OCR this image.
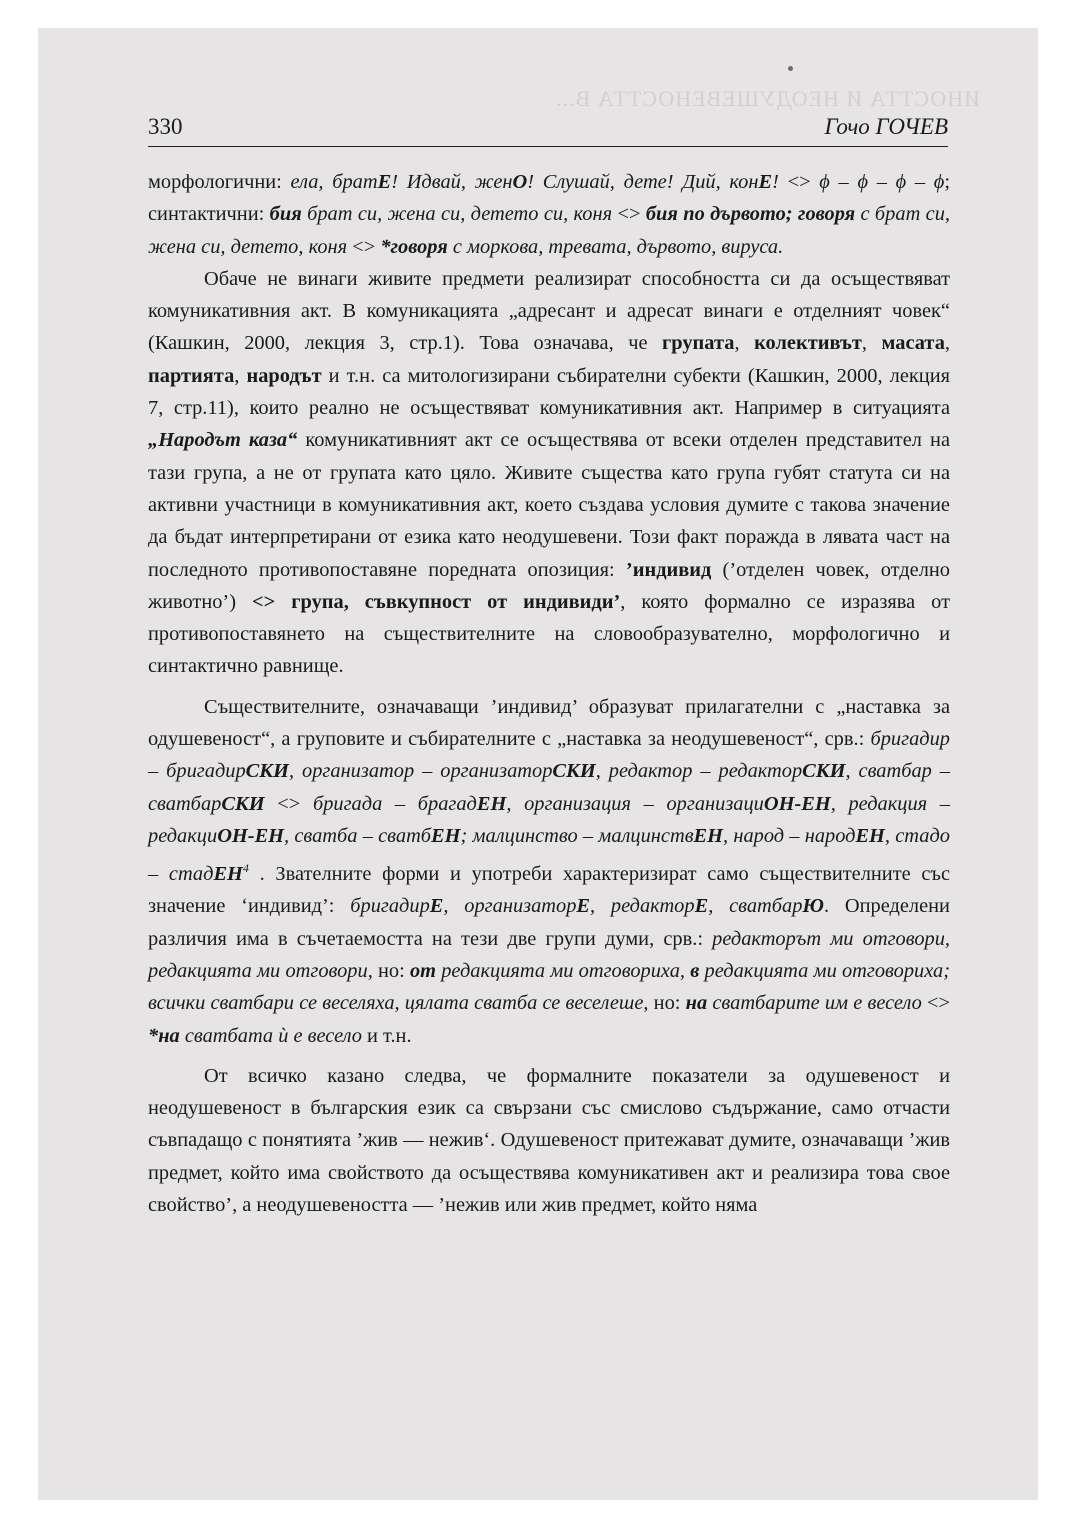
ИНОСТТА И НЕОДУШЕВЕНОСТТА В...
330	Гочо ГОЧЕВ

морфологични: ела, братЕ! Идвай, женО! Слушай, дете! Дий, конЕ! <> ϕ – ϕ – ϕ – ϕ; синтактични: бия брат си, жена си, детето си, коня <> бия по дървото; говоря с брат си, жена си, детето, коня <> *говоря с моркова, тревата, дървото, вируса.

Обаче не винаги живите предмети реализират способността си да осъществяват комуникативния акт. В комуникацията „адресант и адресат винаги е отделният човек“ (Кашкин, 2000, лекция 3, стр.1). Това означава, че групата, колективът, масата, партията, народът и т.н. са митологизирани събирателни субекти (Кашкин, 2000, лекция 7, стр.11), които реално не осъществяват комуникативния акт. Например в ситуацията „Народът каза“ комуникативният акт се осъществява от всеки отделен представител на тази група, а не от групата като цяло. Живите същества като група губят статута си на активни участници в комуникативния акт, което създава условия думите с такова значение да бъдат интерпретирани от езика като неодушевени. Този факт поражда в лявата част на последното противопоставяне поредната опозиция: ’индивид (’отделен човек, отделно животно’) <> група, съвкупност от индивиди’, която формално се изразява от противопоставянето на съществителните на словообразувателно, морфологично и синтактично равнище.

Съществителните, означаващи ’индивид’ образуват прилагателни с „наставка за одушевеност“, а груповите и събирателните с „наставка за неодушевеност“, срв.: бригадир – бригадирСКИ, организатор – организаторСКИ, редактор – редакторСКИ, сватбар – сватбарСКИ <> бригада – брагадЕН, организация – организациОН-ЕН, редакция – редакциОН-ЕН, сватба – сватбЕН; малцинство – малцинствЕН, народ – народЕН, стадо – стадЕН$^4$ . Звателните форми и употреби характеризират само съществителните със значение ‘индивид’: бригадирЕ, организаторЕ, редакторЕ, сватбарЮ. Определени различия има в съчетаемостта на тези две групи думи, срв.: редакторът ми отговори, редакцията ми отговори, но: от редакцията ми отговориха, в редакцията ми отговориха; всички сватбари се веселяха, цялата сватба се веселеше, но: на сватбарите им е весело <> *на сватбата ѝ е весело и т.н.

От всичко казано следва, че формалните показатели за одушевеност и неодушевеност в българския език са свързани със смислово съдържание, само отчасти съвпадащо с понятията ’жив — нежив‘. Одушевеност притежават думите, означаващи ’жив предмет, който има свойството да осъществява комуникативен акт и реализира това свое свойство’, а неодушевеността — ’нежив или жив предмет, който няма
